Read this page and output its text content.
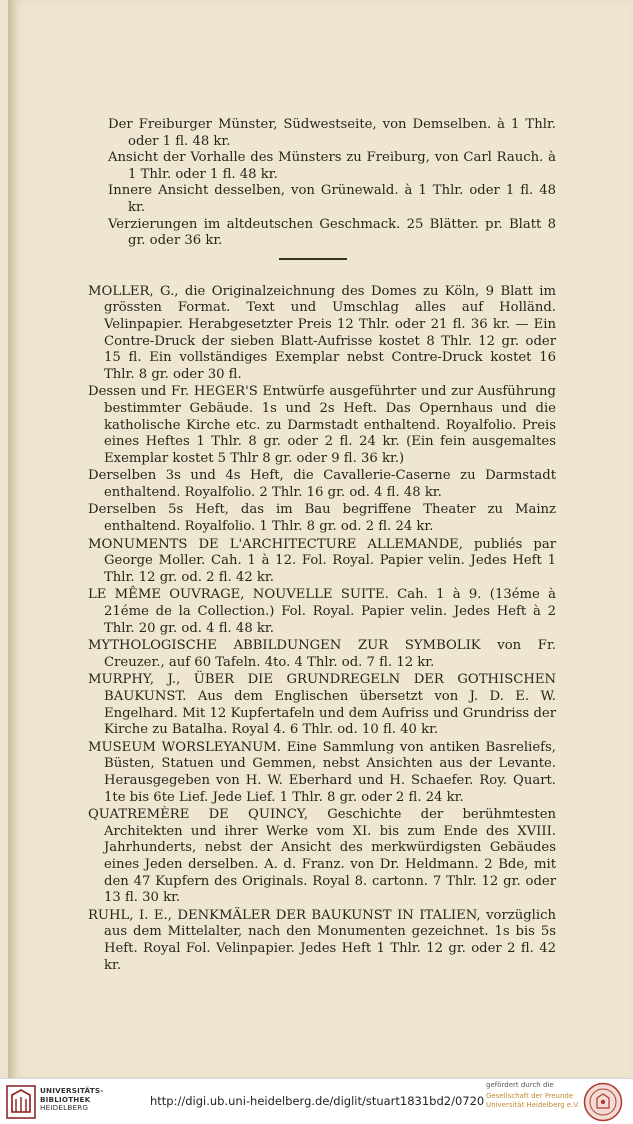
Der Freiburger Münster, Südwestseite, von Demselben. à 1 Thlr. oder 1 fl. 48 kr.

Ansicht der Vorhalle des Münsters zu Freiburg, von Carl Rauch. à 1 Thlr. oder 1 fl. 48 kr.

Innere Ansicht desselben, von Grünewald. à 1 Thlr. oder 1 fl. 48 kr.

Verzierungen im altdeutschen Geschmack. 25 Blätter. pr. Blatt 8 gr. oder 36 kr.

MOLLER, G., die Originalzeichnung des Domes zu Köln, 9 Blatt im grössten Format. Text und Umschlag alles auf Holländ. Velinpapier. Herabgesetzter Preis 12 Thlr. oder 21 fl. 36 kr. — Ein Contre-Druck der sieben Blatt-Aufrisse kostet 8 Thlr. 12 gr. oder 15 fl. Ein vollständiges Exemplar nebst Contre-Druck kostet 16 Thlr. 8 gr. oder 30 fl.

Dessen und Fr. HEGER'S Entwürfe ausgeführter und zur Ausführung bestimmter Gebäude. 1s und 2s Heft. Das Opernhaus und die katholische Kirche etc. zu Darmstadt enthaltend. Royalfolio. Preis eines Heftes 1 Thlr. 8 gr. oder 2 fl. 24 kr. (Ein fein ausgemaltes Exemplar kostet 5 Thlr 8 gr. oder 9 fl. 36 kr.)

Derselben 3s und 4s Heft, die Cavallerie-Caserne zu Darmstadt enthaltend. Royalfolio. 2 Thlr. 16 gr. od. 4 fl. 48 kr.

Derselben 5s Heft, das im Bau begriffene Theater zu Mainz enthaltend. Royalfolio. 1 Thlr. 8 gr. od. 2 fl. 24 kr.

MONUMENTS DE L'ARCHITECTURE ALLEMANDE, publiés par George Moller. Cah. 1 à 12. Fol. Royal. Papier velin. Jedes Heft 1 Thlr. 12 gr. od. 2 fl. 42 kr.

LE MÊME OUVRAGE, NOUVELLE SUITE. Cah. 1 à 9. (13éme à 21éme de la Collection.) Fol. Royal. Papier velin. Jedes Heft à 2 Thlr. 20 gr. od. 4 fl. 48 kr.

MYTHOLOGISCHE ABBILDUNGEN ZUR SYMBOLIK von Fr. Creuzer., auf 60 Tafeln. 4to. 4 Thlr. od. 7 fl. 12 kr.

MURPHY, J., ÜBER DIE GRUNDREGELN DER GOTHISCHEN BAUKUNST. Aus dem Englischen übersetzt von J. D. E. W. Engelhard. Mit 12 Kupfertafeln und dem Aufriss und Grundriss der Kirche zu Batalha. Royal 4. 6 Thlr. od. 10 fl. 40 kr.

MUSEUM WORSLEYANUM. Eine Sammlung von antiken Basreliefs, Büsten, Statuen und Gemmen, nebst Ansichten aus der Levante. Herausgegeben von H. W. Eberhard und H. Schaefer. Roy. Quart. 1te bis 6te Lief. Jede Lief. 1 Thlr. 8 gr. oder 2 fl. 24 kr.

QUATREMÈRE DE QUINCY, Geschichte der berühmtesten Architekten und ihrer Werke vom XI. bis zum Ende des XVIII. Jahrhunderts, nebst der Ansicht des merkwürdigsten Gebäudes eines Jeden derselben. A. d. Franz. von Dr. Heldmann. 2 Bde, mit den 47 Kupfern des Originals. Royal 8. cartonn. 7 Thlr. 12 gr. oder 13 fl. 30 kr.

RUHL, I. E., DENKMÄLER DER BAUKUNST IN ITALIEN, vorzüglich aus dem Mittelalter, nach den Monumenten gezeichnet. 1s bis 5s Heft. Royal Fol. Velinpapier. Jedes Heft 1 Thlr. 12 gr. oder 2 fl. 42 kr.

UNIVERSITÄTS-
BIBLIOTHEK
HEIDELBERG	http://digi.ub.uni-heidelberg.de/diglit/stuart1831bd2/0720
gefördert durch die
Gesellschaft der Freunde
Universität Heidelberg e.V.
